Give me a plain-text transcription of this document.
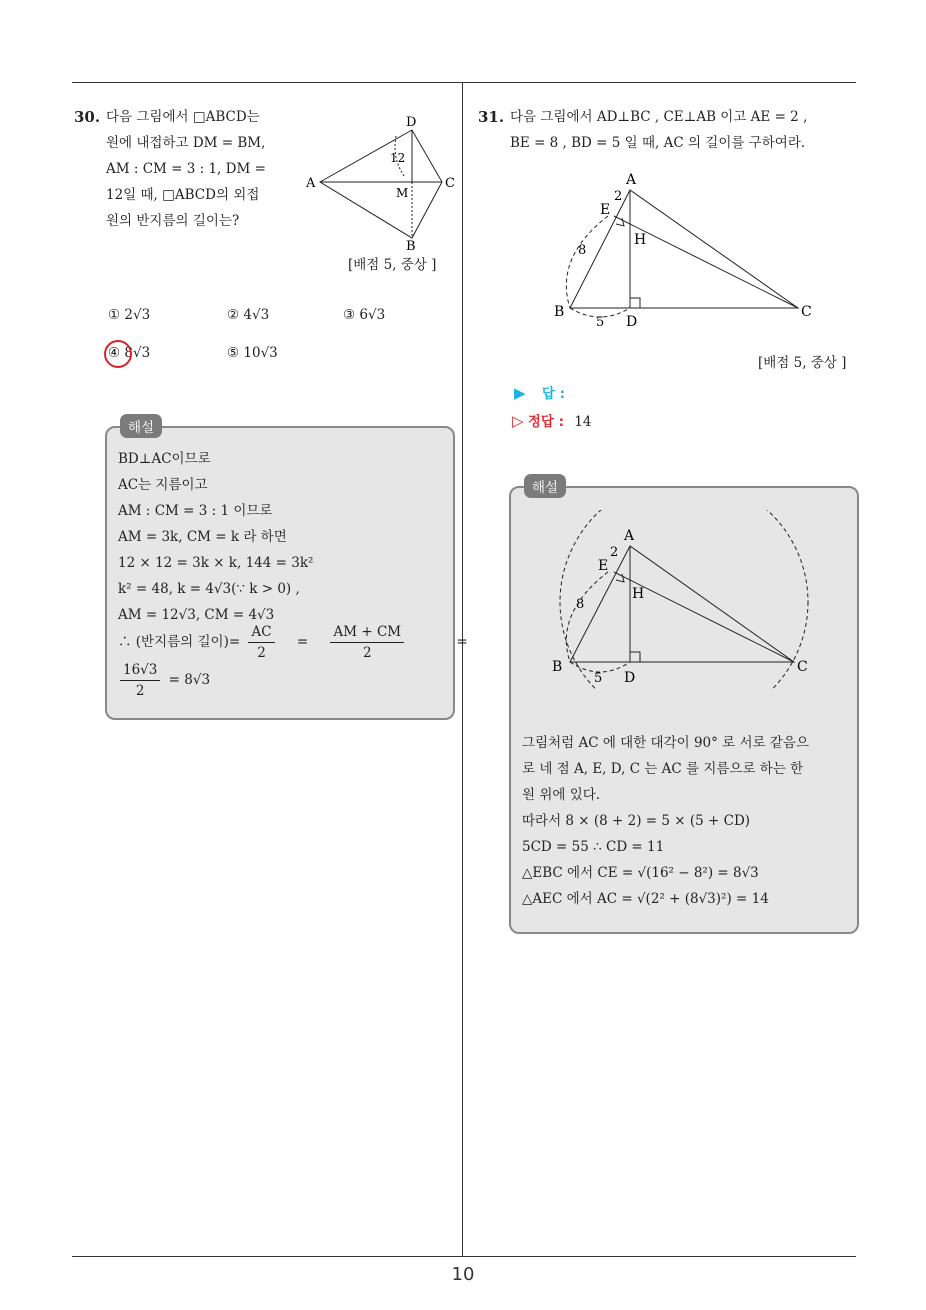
10
30. 다음 그림에서 □ABCD는
원에 내접하고 DM = BM,
AM : CM = 3 : 1, DM =
12일 때, □ABCD의 외접
원의 반지름의 길이는?
A
D
C
B
M
12
[배점 5, 중상 ]
① 2√3	② 4√3	③ 6√3
④ 8√3	⑤ 10√3
해설
BD⊥AC이므로
AC는 지름이고
AM : CM = 3 : 1 이므로
AM = 3k, CM = k 라 하면
12 × 12 = 3k × k, 144 = 3k²
k² = 48, k = 4√3(∵ k > 0) ,
AM = 12√3, CM = 4√3
∴ (반지름의 길이)= $\frac{AC}{2} = \frac{AM + CM}{2}$	=
$\frac{16√3}{2} = 8√3$
31. 다음 그림에서 AD⊥BC , CE⊥AB 이고 AE = 2 ,
BE = 8 , BD = 5 일 때, AC 의 길이를 구하여라.
A
2
E
H
8
B
5 D
C
[배점 5, 중상 ]
▶ 답 :
▷ 정답 : 14
해설
A
2
E
H
8
B
5 D
C
그림처럼 AC 에 대한 대각이 90° 로 서로 같음으
로 네 점 A, E, D, C 는 AC 를 지름으로 하는 한
원 위에 있다.
따라서 8 × (8 + 2) = 5 × (5 + CD)
5CD = 55 ∴ CD = 11
△EBC 에서 CE = √(16² − 8²) = 8√3
△AEC 에서 AC = √(2² + (8√3)²) = 14
